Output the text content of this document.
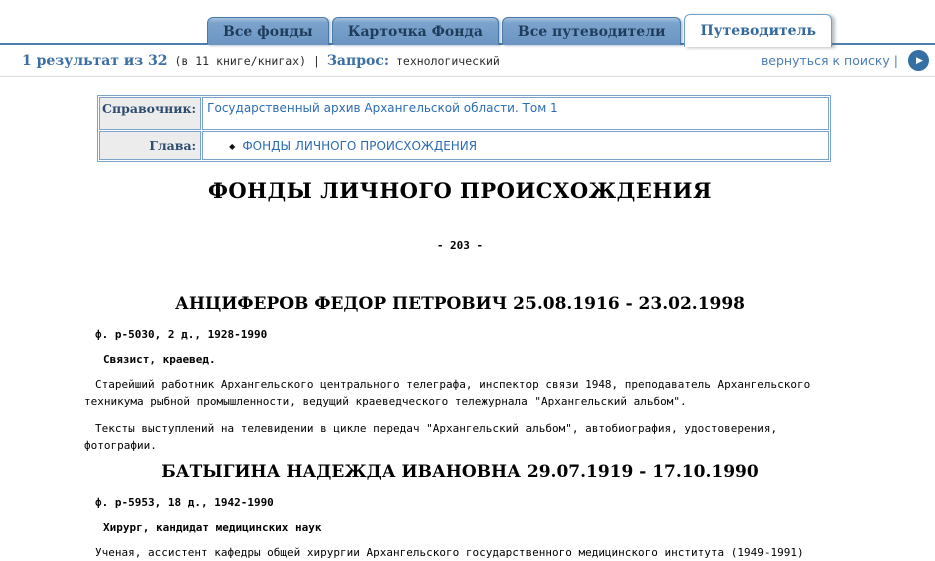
Все фонды	Карточка Фонда	Все путеводители	Путеводитель
1 результат из 32 (в 11 книге/книгах) | Запрос: технологический	вернуться к поиску | ▶
Справочник:	Государственный архив Архангельской области. Том 1
Глава:	◆ ФОНДЫ ЛИЧНОГО ПРОИСХОЖДЕНИЯ
ФОНДЫ ЛИЧНОГО ПРОИСХОЖДЕНИЯ
- 203 -
АНЦИФЕРОВ ФЕДОР ПЕТРОВИЧ 25.08.1916 - 23.02.1998
ф. р-5030, 2 д., 1928-1990
Связист, краевед.
Старейший работник Архангельского центрального телеграфа, инспектор связи 1948, преподаватель Архангельского техникума рыбной промышленности, ведущий краеведческого тележурнала "Архангельский альбом".
Тексты выступлений на телевидении в цикле передач "Архангельский альбом", автобиография, удостоверения, фотографии.
БАТЫГИНА НАДЕЖДА ИВАНОВНА 29.07.1919 - 17.10.1990
ф. р-5953, 18 д., 1942-1990
Хирург, кандидат медицинских наук
Ученая, ассистент кафедры общей хирургии Архангельского государственного медицинского института (1949-1991)
